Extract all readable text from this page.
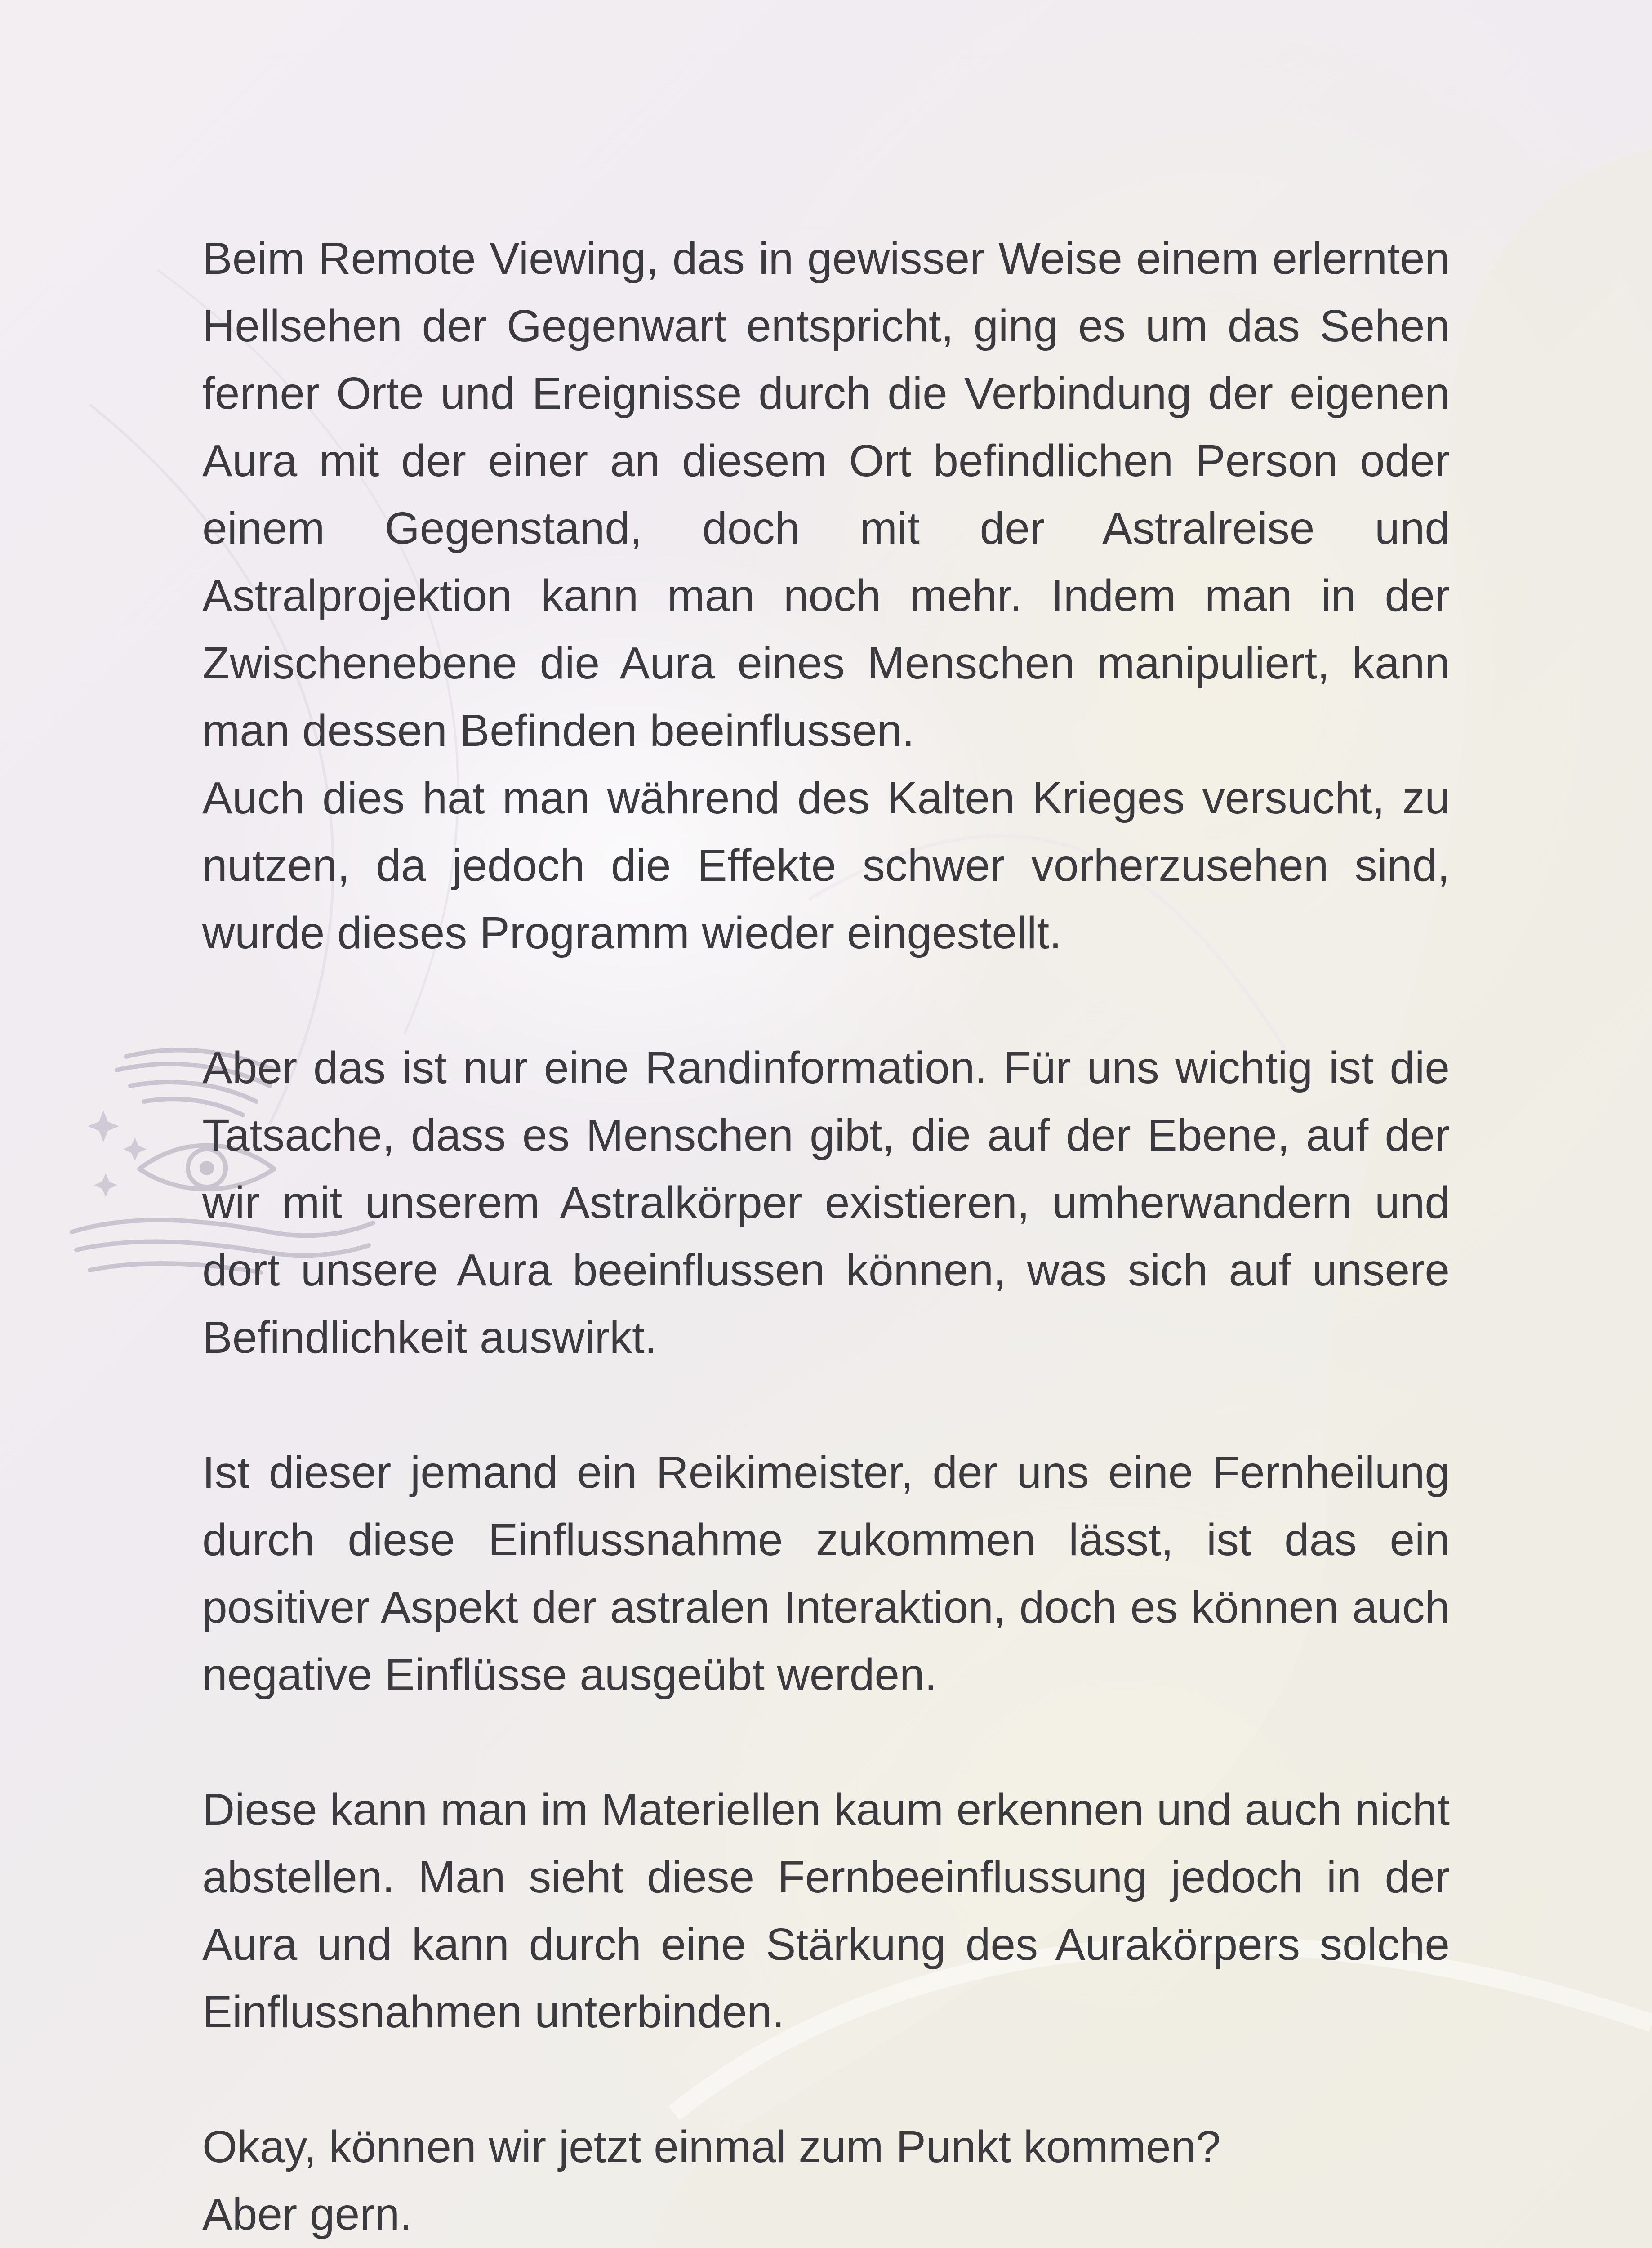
Beim Remote Viewing, das in gewisser Weise einem erlernten Hellsehen der Gegenwart entspricht, ging es um das Sehen ferner Orte und Ereignisse durch die Verbindung der eigenen Aura mit der einer an diesem Ort befindlichen Person oder einem Gegenstand, doch mit der Astralreise und Astralprojektion kann man noch mehr. Indem man in der Zwischenebene die Aura eines Menschen manipuliert, kann man dessen Befinden beeinflussen.

Auch dies hat man während des Kalten Krieges versucht, zu nutzen, da jedoch die Effekte schwer vorherzusehen sind, wurde dieses Programm wieder eingestellt.

Aber das ist nur eine Randinformation. Für uns wichtig ist die Tatsache, dass es Menschen gibt, die auf der Ebene, auf der wir mit unserem Astralkörper existieren, umherwandern und dort unsere Aura beeinflussen können, was sich auf unsere Befindlichkeit auswirkt.

Ist dieser jemand ein Reikimeister, der uns eine Fernheilung durch diese Einflussnahme zukommen lässt, ist das ein positiver Aspekt der astralen Interaktion, doch es können auch negative Einflüsse ausgeübt werden.

Diese kann man im Materiellen kaum erkennen und auch nicht abstellen. Man sieht diese Fernbeeinflussung jedoch in der Aura und kann durch eine Stärkung des Aurakörpers solche Einflussnahmen unterbinden.

Okay, können wir jetzt einmal zum Punkt kommen?

Aber gern.
